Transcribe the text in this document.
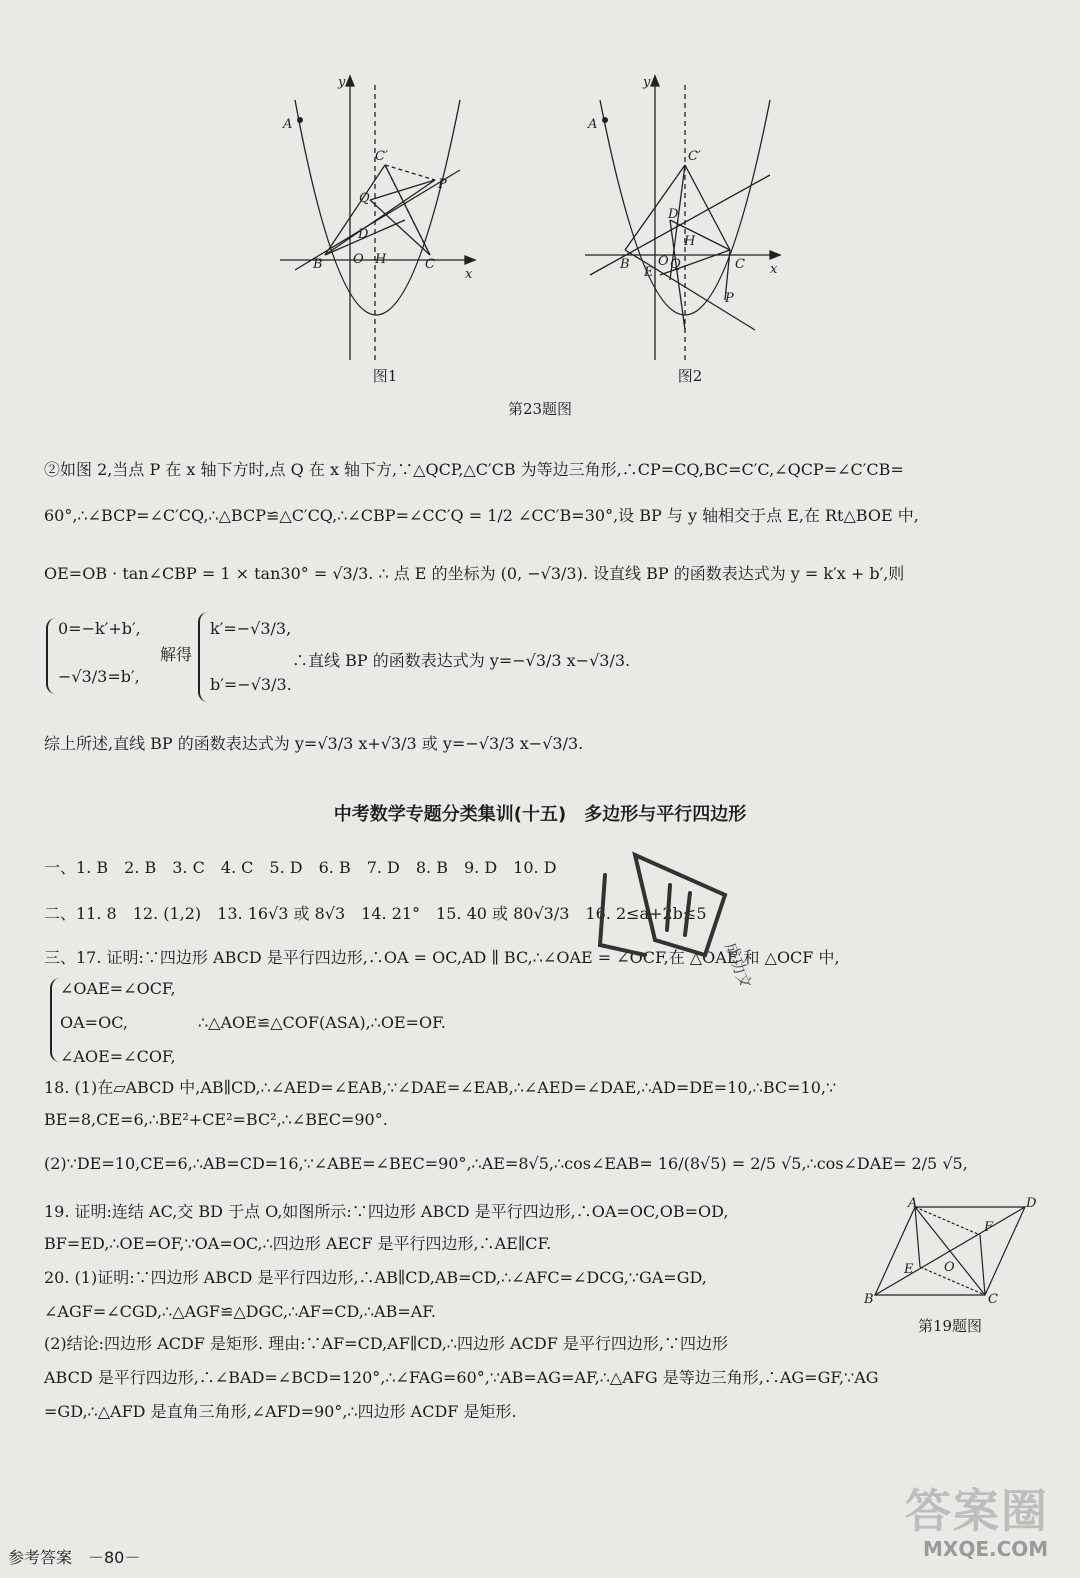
y
x
A
C′
Q
P
D
B O H	C
图1
y
x
A
C′
D
H
B
E
O Q	C
P
图2
第23题图
②如图 2,当点 P 在 x 轴下方时,点 Q 在 x 轴下方,∵△QCP,△C′CB 为等边三角形,∴CP=CQ,BC=C′C,∠QCP=∠C′CB=
60°,∴∠BCP=∠C′CQ,∴△BCP≌△C′CQ,∴∠CBP=∠CC′Q = 1/2 ∠CC′B=30°,设 BP 与 y 轴相交于点 E,在 Rt△BOE 中,
OE=OB · tan∠CBP = 1 × tan30° = √3/3. ∴ 点 E 的坐标为 (0, −√3/3). 设直线 BP 的函数表达式为 y = k′x + b′,则
0=−k′+b′,
−√3/3=b′,
解得
k′=−√3/3,
b′=−√3/3.
∴直线 BP 的函数表达式为 y=−√3/3 x−√3/3.
综上所述,直线 BP 的函数表达式为 y=√3/3 x+√3/3 或 y=−√3/3 x−√3/3.
中考数学专题分类集训(十五)　多边形与平行四边形
一、1. B　2. B　3. C　4. C　5. D　6. B　7. D　8. B　9. D　10. D
二、11. 8　12. (1,2)　13. 16√3 或 8√3　14. 21°　15. 40 或 80√3/3　16. 2≤a+2b≤5
三、17. 证明:∵四边形 ABCD 是平行四边形,∴OA = OC,AD ∥ BC,∴∠OAE = ∠OCF,在 △OAE 和 △OCF 中,
∠OAE=∠OCF,
OA=OC,
∠AOE=∠COF,
∴△AOE≌△COF(ASA),∴OE=OF.
18. (1)在▱ABCD 中,AB∥CD,∴∠AED=∠EAB,∵∠DAE=∠EAB,∴∠AED=∠DAE,∴AD=DE=10,∴BC=10,∵
BE=8,CE=6,∴BE²+CE²=BC²,∴∠BEC=90°.
(2)∵DE=10,CE=6,∴AB=CD=16,∵∠ABE=∠BEC=90°,∴AE=8√5,∴cos∠EAB= 16/(8√5) = 2/5 √5,∴cos∠DAE= 2/5 √5,
19. 证明:连结 AC,交 BD 于点 O,如图所示:∵四边形 ABCD 是平行四边形,∴OA=OC,OB=OD,
BF=ED,∴OE=OF,∵OA=OC,∴四边形 AECF 是平行四边形,∴AE∥CF.
A	D
F
E O
B	C
第19题图
20. (1)证明:∵四边形 ABCD 是平行四边形,∴AB∥CD,AB=CD,∴∠AFC=∠DCG,∵GA=GD,
∠AGF=∠CGD,∴△AGF≌△DGC,∴AF=CD,∴AB=AF.
(2)结论:四边形 ACDF 是矩形. 理由:∵AF=CD,AF∥CD,∴四边形 ACDF 是平行四边形,∵四边形
ABCD 是平行四边形,∴∠BAD=∠BCD=120°,∴∠FAG=60°,∵AB=AG=AF,∴△AFG 是等边三角形,∴AG=GF,∵AG
=GD,∴△AFD 是直角三角形,∠AFD=90°,∴四边形 ACDF 是矩形.
成功文化
参考答案　－80－
答案圈
MXQE.COM
